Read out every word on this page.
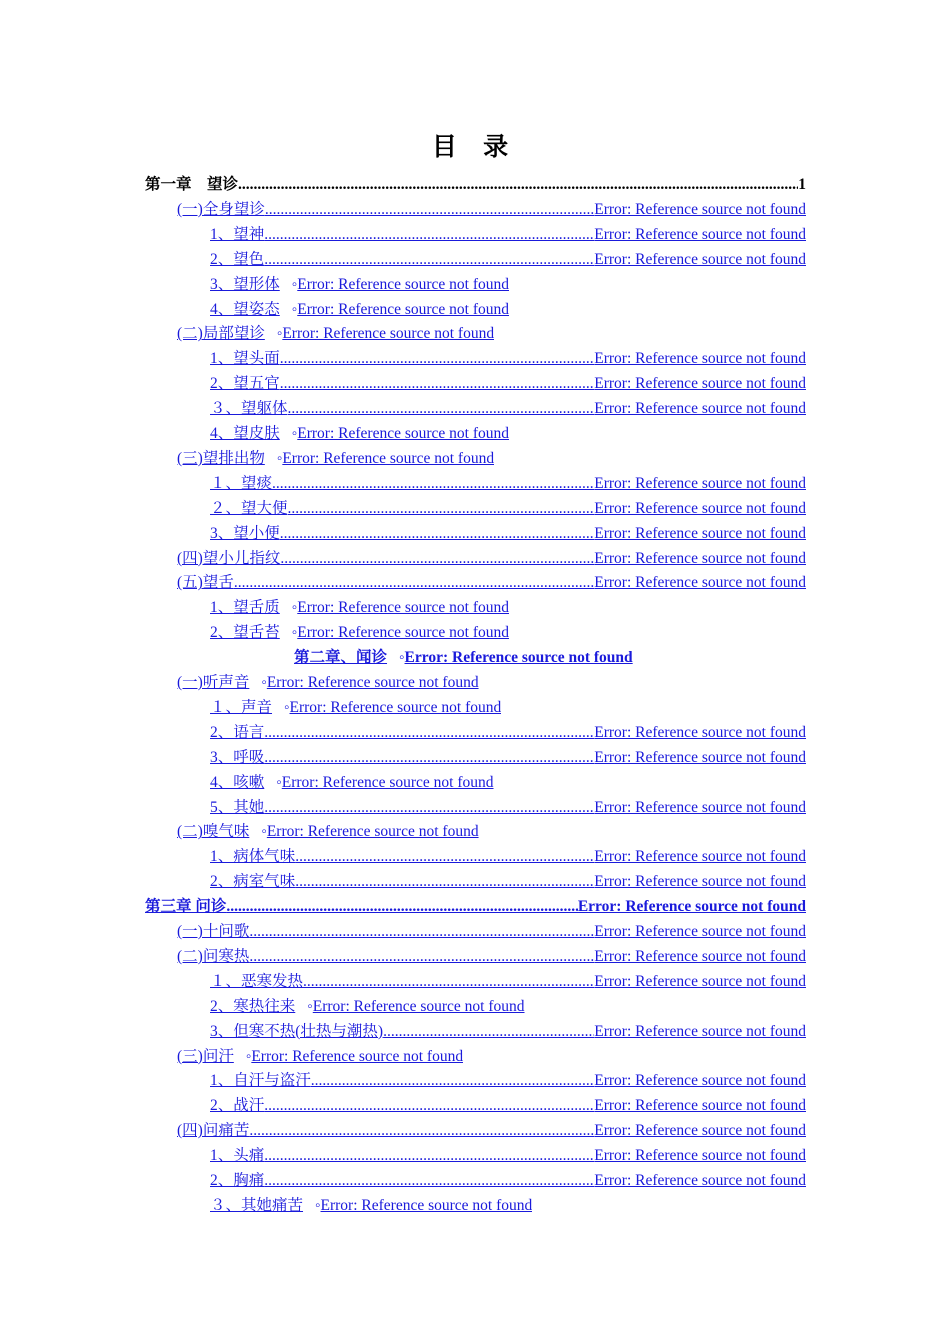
目 录
第一章　望诊 .....	1
(一)全身望诊 .....	Error: Reference source not found
1、望神 .....	Error: Reference source not found
2、望色 .....	Error: Reference source not found
3、望形体 ◦Error: Reference source not found
4、望姿态 ◦Error: Reference source not found
(二)局部望诊 ◦Error: Reference source not found
1、望头面 .....	Error: Reference source not found
2、望五官 .....	Error: Reference source not found
３、望躯体 .....	Error: Reference source not found
4、望皮肤 ◦Error: Reference source not found
(三)望排出物 ◦Error: Reference source not found
１、望痰 .....	Error: Reference source not found
２、望大便 .....	Error: Reference source not found
3、望小便 .....	Error: Reference source not found
(四)望小儿指纹 .....	Error: Reference source not found
(五)望舌 .....	Error: Reference source not found
1、望舌质 ◦Error: Reference source not found
2、望舌苔 ◦Error: Reference source not found
第二章、闻诊 ◦Error: Reference source not found
(一)听声音 ◦Error: Reference source not found
１、声音 ◦Error: Reference source not found
2、语言 .....	Error: Reference source not found
3、呼吸 .....	Error: Reference source not found
4、咳嗽 ◦Error: Reference source not found
5、其她 .....	Error: Reference source not found
(二)嗅气味 ◦Error: Reference source not found
1、病体气味 .....	Error: Reference source not found
2、病室气味 .....	Error: Reference source not found
第三章 问诊 .....	Error: Reference source not found
(一)十问歌 .....	Error: Reference source not found
(二)问寒热 .....	Error: Reference source not found
１、恶寒发热 .....	Error: Reference source not found
2、寒热往来 ◦Error: Reference source not found
3、但寒不热(壮热与潮热) .....	Error: Reference source not found
(三)问汗 ◦Error: Reference source not found
1、自汗与盗汗 .....	Error: Reference source not found
2、战汗 .....	Error: Reference source not found
(四)问痛苦 .....	Error: Reference source not found
1、头痛 .....	Error: Reference source not found
2、胸痛 .....	Error: Reference source not found
３、其她痛苦 ◦Error: Reference source not found
